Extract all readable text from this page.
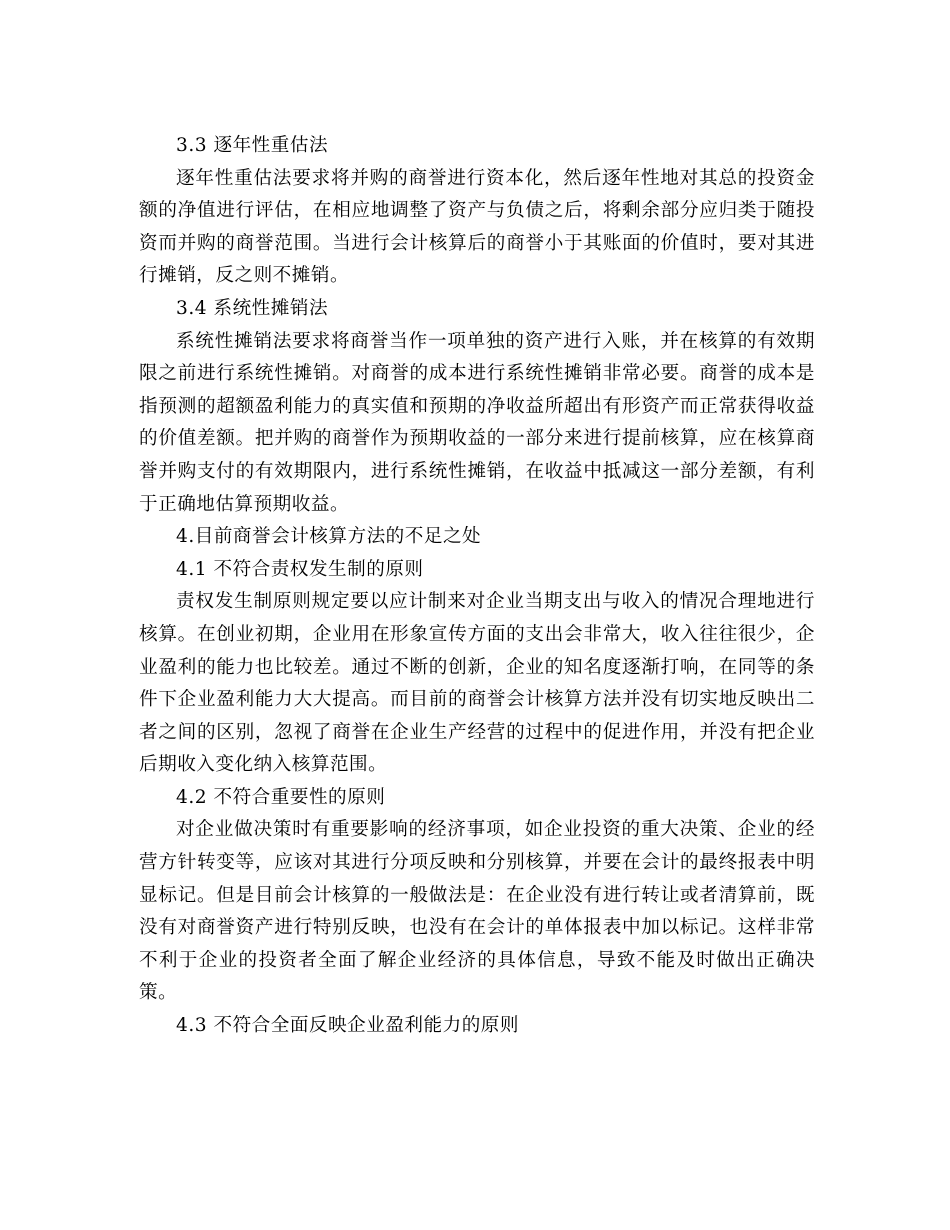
3.3 逐年性重估法

逐年性重估法要求将并购的商誉进行资本化，然后逐年性地对其总的投资金额的净值进行评估，在相应地调整了资产与负债之后，将剩余部分应归类于随投资而并购的商誉范围。当进行会计核算后的商誉小于其账面的价值时，要对其进行摊销，反之则不摊销。

3.4 系统性摊销法

系统性摊销法要求将商誉当作一项单独的资产进行入账，并在核算的有效期限之前进行系统性摊销。对商誉的成本进行系统性摊销非常必要。商誉的成本是指预测的超额盈利能力的真实值和预期的净收益所超出有形资产而正常获得收益的价值差额。把并购的商誉作为预期收益的一部分来进行提前核算，应在核算商誉并购支付的有效期限内，进行系统性摊销，在收益中抵减这一部分差额，有利于正确地估算预期收益。

4.目前商誉会计核算方法的不足之处

4.1 不符合责权发生制的原则

责权发生制原则规定要以应计制来对企业当期支出与收入的情况合理地进行核算。在创业初期，企业用在形象宣传方面的支出会非常大，收入往往很少，企业盈利的能力也比较差。通过不断的创新，企业的知名度逐渐打响，在同等的条件下企业盈利能力大大提高。而目前的商誉会计核算方法并没有切实地反映出二者之间的区别，忽视了商誉在企业生产经营的过程中的促进作用，并没有把企业后期收入变化纳入核算范围。

4.2 不符合重要性的原则

对企业做决策时有重要影响的经济事项，如企业投资的重大决策、企业的经营方针转变等，应该对其进行分项反映和分别核算，并要在会计的最终报表中明显标记。但是目前会计核算的一般做法是：在企业没有进行转让或者清算前，既没有对商誉资产进行特别反映，也没有在会计的单体报表中加以标记。这样非常不利于企业的投资者全面了解企业经济的具体信息，导致不能及时做出正确决策。

4.3 不符合全面反映企业盈利能力的原则
